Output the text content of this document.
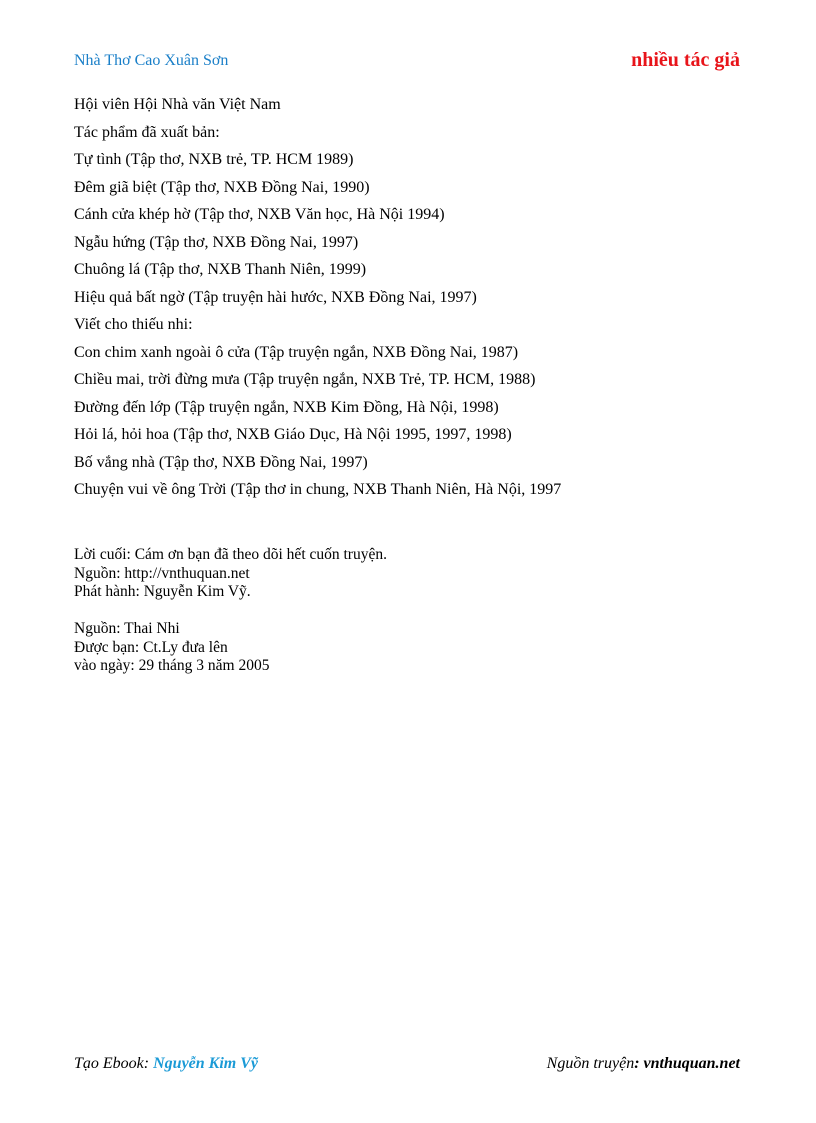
Nhà Thơ Cao Xuân Sơn	nhiều tác giả
Hội viên Hội Nhà văn Việt Nam
Tác phẩm đã xuất bản:
Tự tình (Tập thơ, NXB trẻ, TP. HCM 1989)
Đêm giã biệt (Tập thơ, NXB Đồng Nai, 1990)
Cánh cửa khép hờ (Tập thơ, NXB Văn học, Hà Nội 1994)
Ngẫu hứng (Tập thơ, NXB Đồng Nai, 1997)
Chuông lá (Tập thơ, NXB Thanh Niên, 1999)
Hiệu quả bất ngờ (Tập truyện hài hước, NXB Đồng Nai, 1997)
Viết cho thiếu nhi:
Con chim xanh ngoài ô cửa (Tập truyện ngắn, NXB Đồng Nai, 1987)
Chiều mai, trời đừng mưa (Tập truyện ngắn, NXB Trẻ, TP. HCM, 1988)
Đường đến lớp (Tập truyện ngắn, NXB Kim Đồng, Hà Nội, 1998)
Hỏi lá, hỏi hoa (Tập thơ, NXB Giáo Dục, Hà Nội 1995, 1997, 1998)
Bố vắng nhà (Tập thơ, NXB Đồng Nai, 1997)
Chuyện vui về ông Trời (Tập thơ in chung, NXB Thanh Niên, Hà Nội, 1997
Lời cuối: Cám ơn bạn đã theo dõi hết cuốn truyện.
Nguồn: http://vnthuquan.net
Phát hành: Nguyễn Kim Vỹ.
Nguồn: Thai Nhi
Được bạn: Ct.Ly đưa lên
vào ngày: 29 tháng 3 năm 2005
Tạo Ebook: Nguyễn Kim Vỹ	Nguồn truyện: vnthuquan.net
